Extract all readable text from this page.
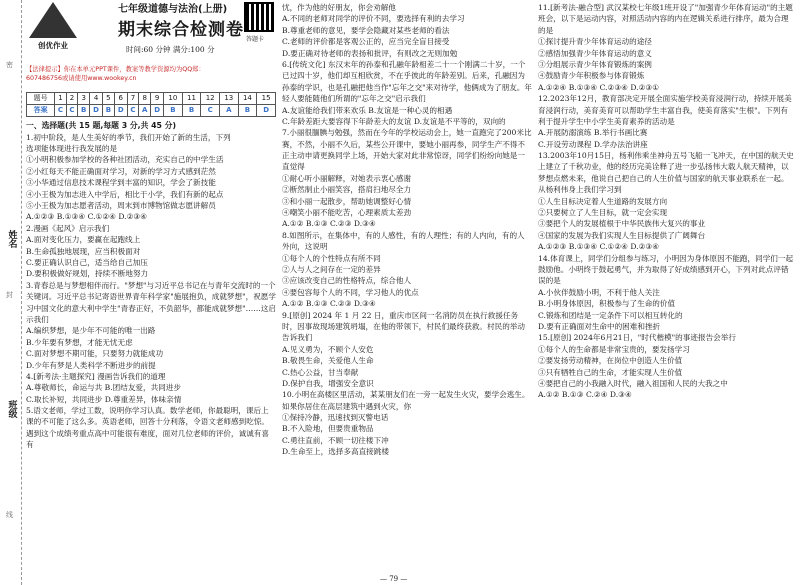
姓名
班级
密
封
线
创优作业
七年级道德与法治(上册)
期末综合检测卷
时间:60 分钟 满分:100 分
答题卡
【法律提示】你在本单元PPT课件，教案等教学资源均为QQ郑：
607486756或请使用www.wookey.cn
题号	1	2	3	4	5	6	7	8	9	10	11	12	13	14	15
答案	C	C	B	D	B	D	C	A	D	B	B	C	A	B	D

一、选择题(共 15 题,每题 3 分,共 45 分)

1.初中阶段，是人生美好的季节，我们开始了新的生活，下列

选项能体现进行我发展的是

①小明积极参加学校的各种社团活动，充实自己的中学生活

②小红每天不能正确面对学习，对新的学习方式感到茫然

③小华通过信息技术课程学到丰富的知识，学会了新技能

④小王极为加志进入中学后，相比于小学，我们有新的起点

⑤小王极为加志愿者活动，周末到市博物馆做志愿讲解员

A.①②③ B.①③④ C.①②④ D.②③④

2.漫画《起风》启示我们

A.面对变化压力，要赢在起跑线上

B.生命孤独地展现，应当积极面对

C.要正确认识自己，适当给自己加压

D.要积极做好规划，持续不断地努力

3.青春总是与梦想相伴而行。"梦想"与习近平总书记在与青年交流时的一个关键词。习近平总书记寄语世界青年科学家"施展抱负，成就梦想"，祝愿学习中国文化的意大利中学生"青春正好，不负韶华，都能成就梦想"……这启示我们

A.编织梦想，是少年不可能的唯一出路

B.少年要有梦想，才能无忧无虑

C.面对梦想不期可能，只要努力就能成功

D.少年有梦是人类科学不断进步的前提

4.[新考法·主题探究] 漫画告诉我们的道理

A.尊敬师长，命运与共 B.团结友爱，共同进步

C.取长补短，共同进步 D.尊重差异，体味亲情

5.语文老师，学过工数，说明你学习认真。数学老师，你最聪明，课后上课的不可能了这么多。英语老师，回答十分利落，令语文老师感到吃惊。遇到这个成绩考重点高中可能很有难度，面对几位老师的评价，诚诚有喜有

忧，作为他的好朋友，你会劝解他

A.不同的老师对同学的评价不同，要选择有利的去学习

B.尊重老师的意见，要学会隐藏对某些老师的看法

C.老师的评价都是客观公正的，应当完全盲目接受

D.要正确对待老师的表扬和批评，有则改之无则加勉

6.[传统文化] 东汉末年的孙泰和孔融年龄相差二十一个刚满二十岁，一个已过四十岁，他们却互相欣赏，不在乎彼此的年龄差别。后来，孔融因为孙泰的学识，也是孔融把他当作"忘年之交"来对待学，他俩成为了朋友。年轻人要能随他们所谓的"忘年之交"启示我们

A.友谊能给我们带来欢乐 B.友谊是一种心灵的相遇

C.年龄差距大要容得下年龄差大的友谊 D.友谊是不平等的，双向的

7.小丽很腼腆与勉强，然而在今年的学校运动会上，她一直跑完了200米比赛，不然，小丽不久后，某些公开课中，要她小丽再参，同学生产不得不正主动申请更换同学上场，开始大家对此非常惊讶，同学们纷纷向她是一直觉得

①耐心听小丽解释，对她表示衷心感谢

②断然制止小丽笑容，搭肩扫地尽全力

③和小丽一起散步，帮助她调整好心情

④嘲笑小丽不能吃苦，心理素质太差劲

A.①② B.①③ C.②③ D.③④

8.如图所示，在集体中，有的人感性，有的人理性；有的人内向，有的人外向，这说明

①每个人的个性特点有所不同

②人与人之间存在一定的差异

③应该改变自己的性格特点，综合他人

④要包容每个人的不同，学习他人的优点

A.①② B.①③ C.②③ D.③④

9.[原创] 2024 年 1 月 22 日，重庆市区间一名消防员在执行救援任务时，因事故现场建筑坍塌，在他的带领下，村民们最终获救。村民的举动告诉我们

A.见义勇为，不顾个人安危

B.敬畏生命，关爱他人生命

C.热心公益，甘当奉献

D.保护自我，增强安全意识

10.小明在高楼区里活动，某某朋友们在一旁一起发生火灾，要学会逃生。如果你居住在高层建筑中遇到火灾，你

①保持冷静，迅速找到灭警电话

B.不入险地，但要贵重物品

C.勇往直前，不顾一切往楼下冲

D.生命至上，选择多高直接跳楼

11.[新考法·融合型] 武汉某校七年级1班开设了"加强青少年体育运动"的主题班会，以下是运动内容，对照活动内容的内在逻辑关系进行排序，最为合理的是

①探讨提升青少年体育运动的途径

②感悟加强青少年体育运动的意义

③分组展示青少年体育锻炼的案例

④鼓励青少年积极参与体育锻炼

A.①②④ B.①③④ C.②③④ D.②③①

12.2023年12月，教育部决定开展全面实施学校美育浸润行动，持续开展美育浸润行动，美育美育可以帮助学生丰富自我，使美育落实"生根"。下列有利于提升学生中小学生美育素养的活动是

A.开展防溺演练 B.举行书画比赛

C.开设劳动课程 D.学办法治讲座

13.2003年10月15日，杨利伟乘坐神舟五号飞船一飞冲天，在中国的航天史上建立了千秋功业，他的经历完美诠释了进一步弘扬伟大载人航天精神，以梦想点燃未来，他说自己把自己的人生价值与国家的航天事业联系在一起。从杨利伟身上我们学习到

①人生目标决定着人生道路的发展方向

②只要树立了人生目标，就一定会实现

③要把个人的发展植根于中华民族伟大复兴的事业

④国家的发展为我们实现人生目标提供了广阔舞台

A.①②③ B.①③④ C.①②④ D.②③④

14.体育课上，同学们分组参与练习，小明因为身体原因不能跑，同学们一起鼓励他。小明终于鼓起勇气，并为取得了好成绩感到开心，下列对此点评错误的是

A.小伙伴鼓励小明，不利于他人关注

B.小明身体原因，积极参与了生命的价值

C.锻炼和团结是一定条件下可以相互转化的

D.要有正确面对生命中的困难和挫折

15.[原创] 2024年6月21日，"时代楷模"的事迹报告会举行

①每个人的生命都是非常宝贵的，要发扬学习

②要发扬劳动精神，在岗位中创造人生价值

③只有牺牲自己的生命，才能实现人生价值

④要把自己的小我融入时代，融入祖国和人民的大我之中

A.①② B.①③ C.②④ D.③④

— 79 —
